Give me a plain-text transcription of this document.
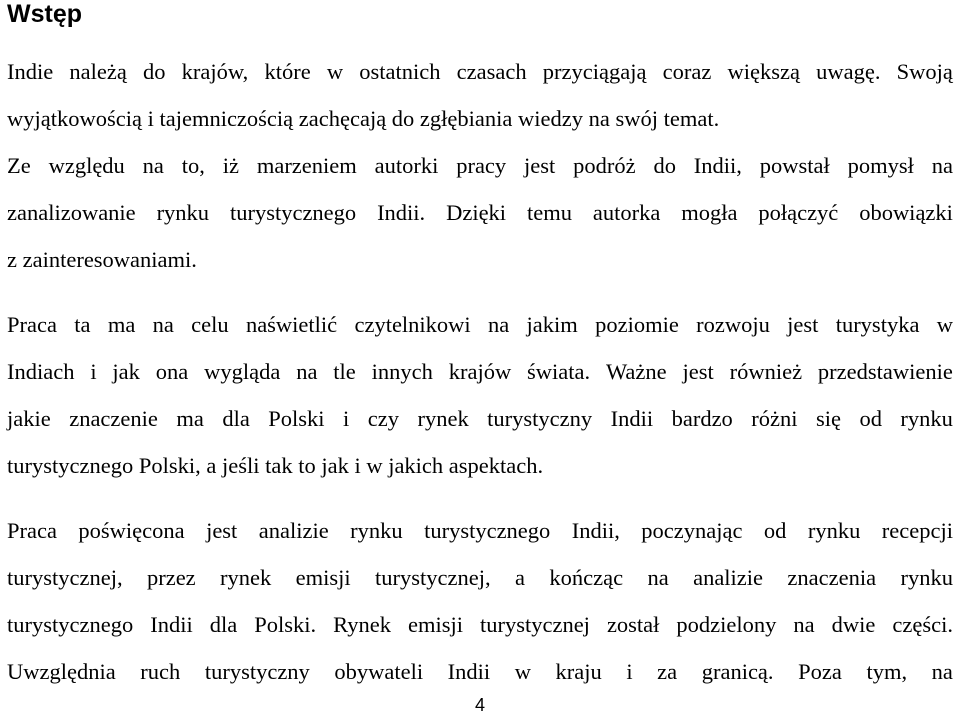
Wstęp
Indie należą do krajów, które w ostatnich czasach przyciągają coraz większą uwagę. Swoją
wyjątkowością i tajemniczością zachęcają do zgłębiania wiedzy na swój temat.
Ze względu na to, iż marzeniem autorki pracy jest podróż do Indii, powstał pomysł na
zanalizowanie rynku turystycznego Indii. Dzięki temu autorka mogła połączyć obowiązki
z zainteresowaniami.
Praca ta ma na celu naświetlić czytelnikowi na jakim poziomie rozwoju jest turystyka w
Indiach i jak ona wygląda na tle innych krajów świata. Ważne jest również przedstawienie
jakie znaczenie ma dla Polski i czy rynek turystyczny Indii bardzo różni się od rynku
turystycznego Polski, a jeśli tak to jak i w jakich aspektach.
Praca poświęcona jest analizie rynku turystycznego Indii, poczynając od rynku recepcji
turystycznej, przez rynek emisji turystycznej, a kończąc na analizie znaczenia rynku
turystycznego Indii dla Polski. Rynek emisji turystycznej został podzielony na dwie części.
Uwzględnia ruch turystyczny obywateli Indii w kraju i za granicą. Poza tym, na
4
